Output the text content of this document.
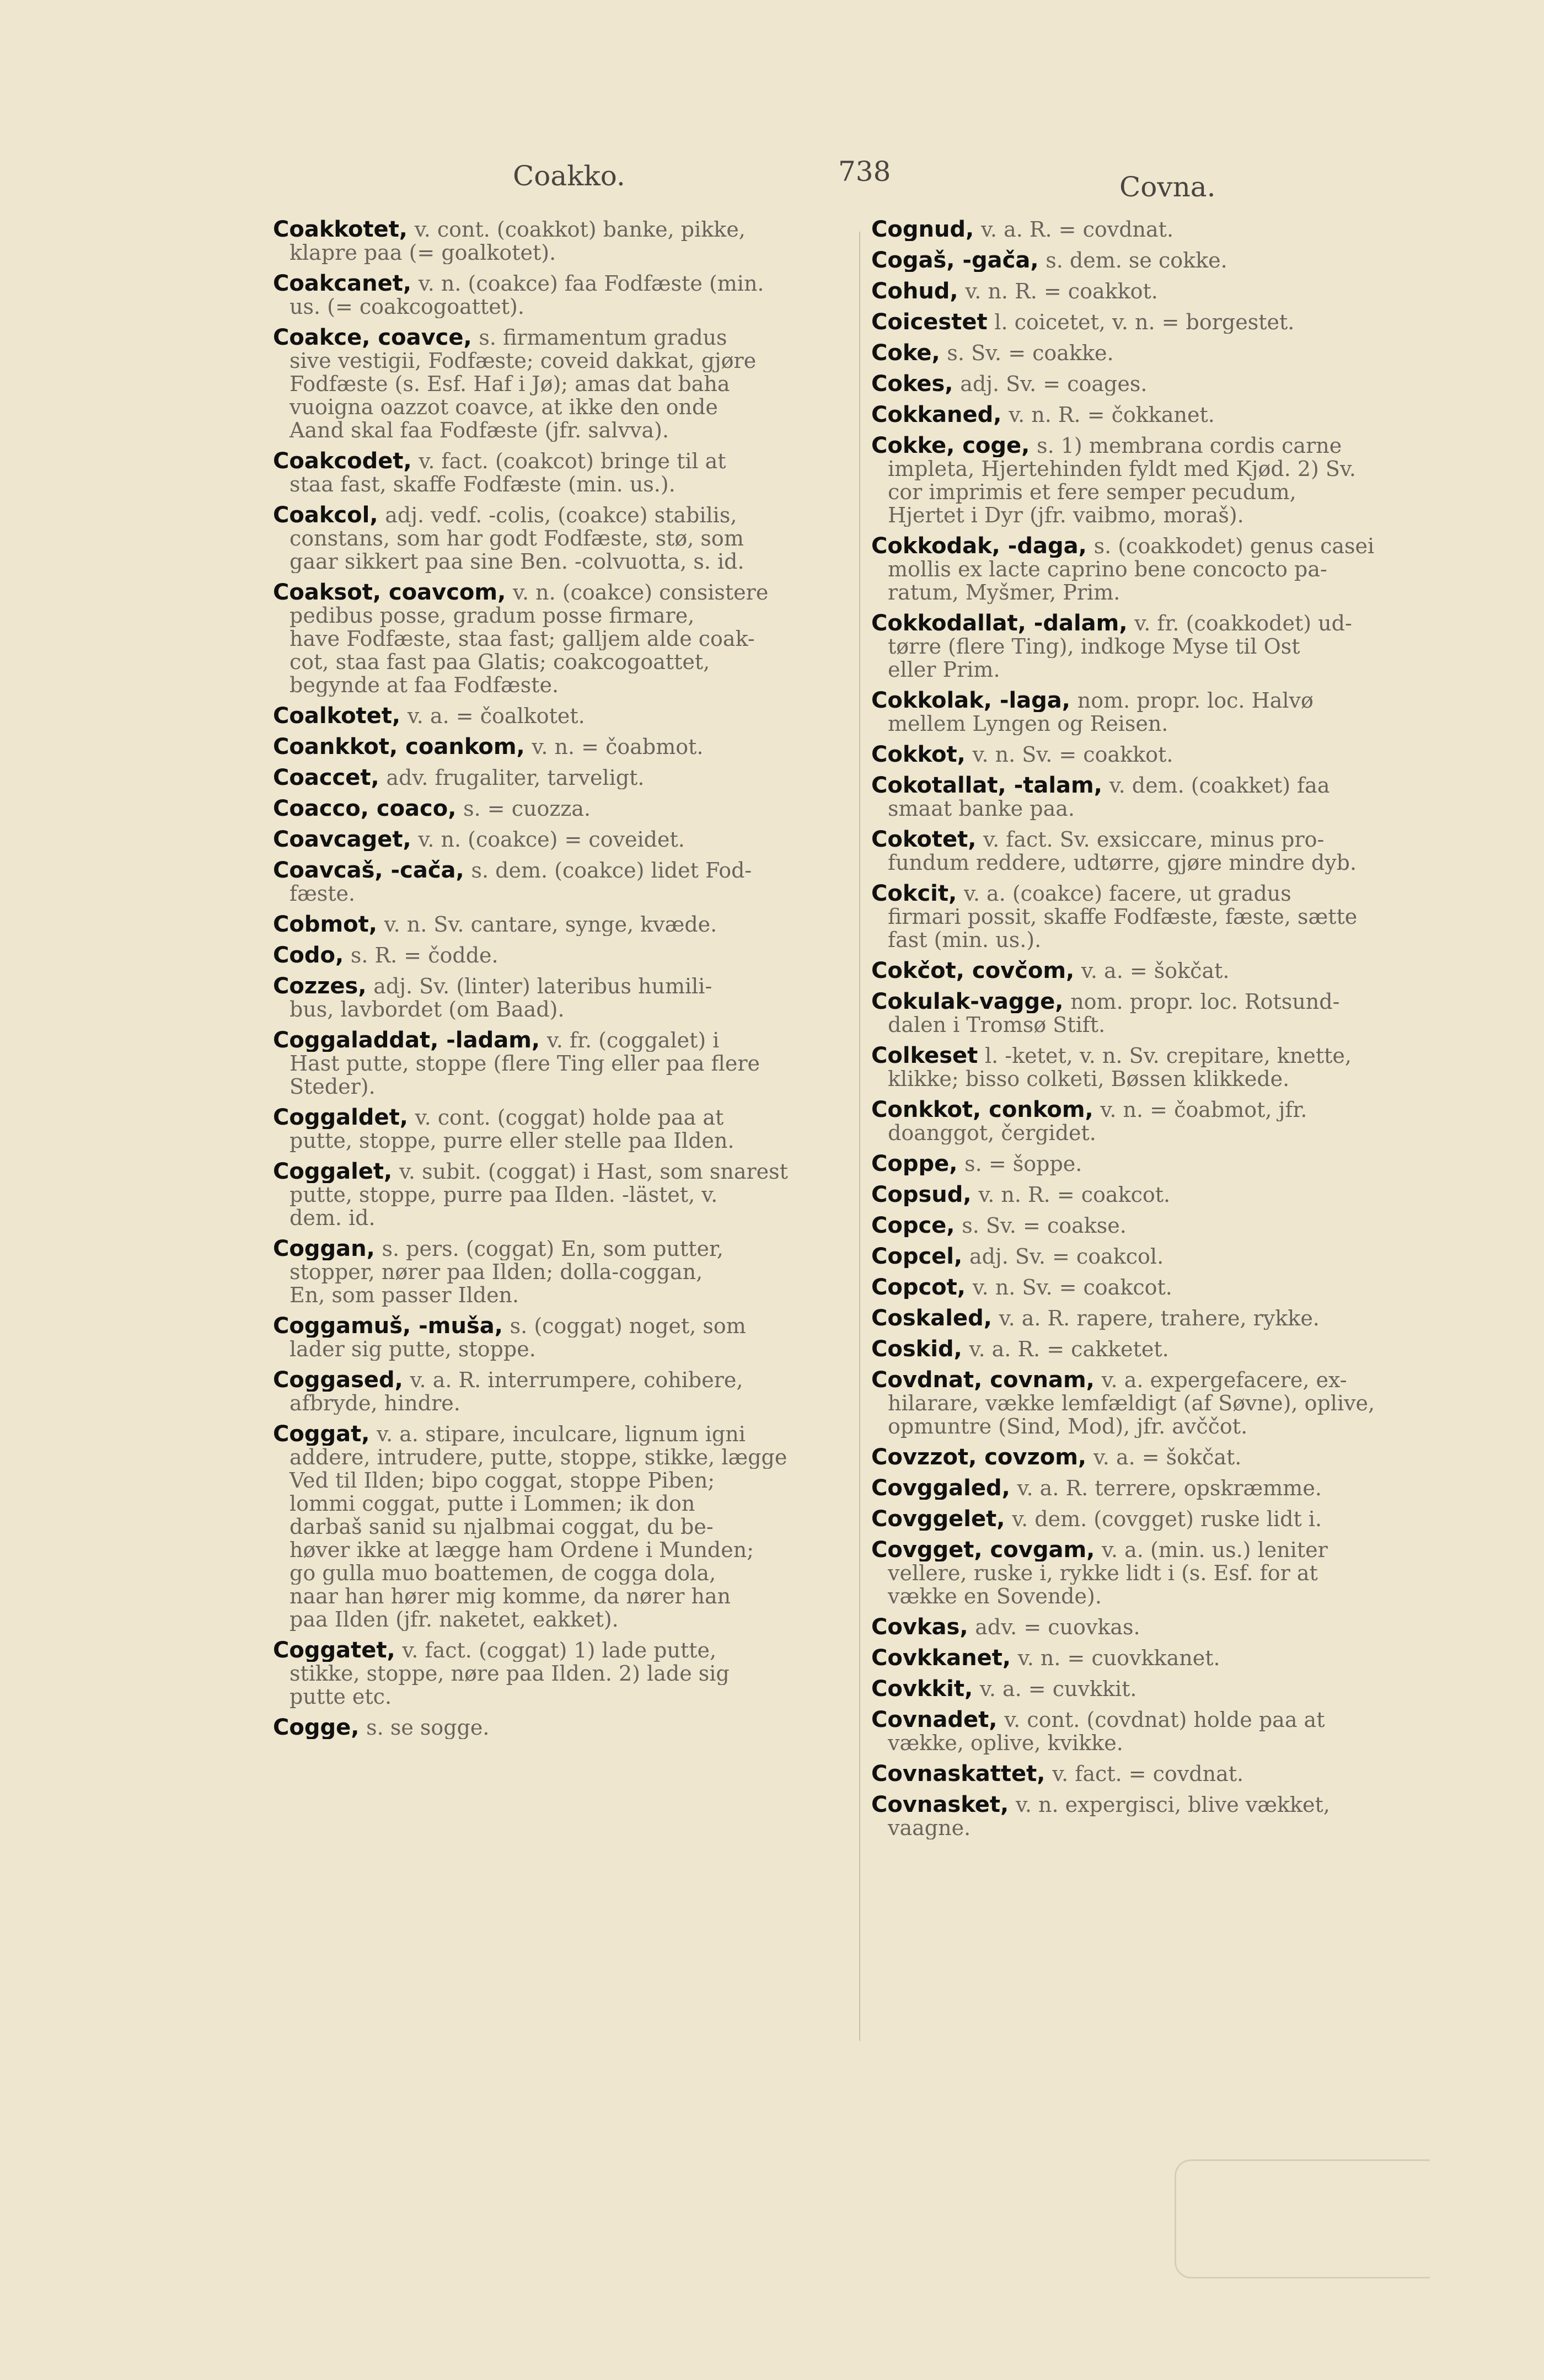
Coakko.	738	Covna.
Coakkotet, v. cont. (coakkot) banke, pikke,
klapre paa (= goalkotet).
Coakcanet, v. n. (coakce) faa Fodfæste (min.
us. (= coakcogoattet).
Coakce, coavce, s. firmamentum gradus
sive vestigii, Fodfæste; coveid dakkat, gjøre
Fodfæste (s. Esf. Haf i Jø); amas dat baha
vuoigna oazzot coavce, at ikke den onde
Aand skal faa Fodfæste (jfr. salvva).
Coakcodet, v. fact. (coakcot) bringe til at
staa fast, skaffe Fodfæste (min. us.).
Coakcol, adj. vedf. -colis, (coakce) stabilis,
constans, som har godt Fodfæste, stø, som
gaar sikkert paa sine Ben. -colvuotta, s. id.
Coaksot, coavcom, v. n. (coakce) consistere
pedibus posse, gradum posse firmare,
have Fodfæste, staa fast; galljem alde coak-
cot, staa fast paa Glatis; coakcogoattet,
begynde at faa Fodfæste.
Coalkotet, v. a. = čoalkotet.
Coankkot, coankom, v. n. = čoabmot.
Coaccet, adv. frugaliter, tarveligt.
Coacco, coaco, s. = cuozza.
Coavcaget, v. n. (coakce) = coveidet.
Coavcaš, -cača, s. dem. (coakce) lidet Fod-
fæste.
Cobmot, v. n. Sv. cantare, synge, kvæde.
Codo, s. R. = čodde.
Cozzes, adj. Sv. (linter) lateribus humili-
bus, lavbordet (om Baad).
Coggaladdat, -ladam, v. fr. (coggalet) i
Hast putte, stoppe (flere Ting eller paa flere
Steder).
Coggaldet, v. cont. (coggat) holde paa at
putte, stoppe, purre eller stelle paa Ilden.
Coggalet, v. subit. (coggat) i Hast, som snarest
putte, stoppe, purre paa Ilden. -lästet, v.
dem. id.
Coggan, s. pers. (coggat) En, som putter,
stopper, nører paa Ilden; dolla-coggan,
En, som passer Ilden.
Coggamuš, -muša, s. (coggat) noget, som
lader sig putte, stoppe.
Coggased, v. a. R. interrumpere, cohibere,
afbryde, hindre.
Coggat, v. a. stipare, inculcare, lignum igni
addere, intrudere, putte, stoppe, stikke, lægge
Ved til Ilden; bipo coggat, stoppe Piben;
lommi coggat, putte i Lommen; ik don
darbaš sanid su njalbmai coggat, du be-
høver ikke at lægge ham Ordene i Munden;
go gulla muo boattemen, de cogga dola,
naar han hører mig komme, da nører han
paa Ilden (jfr. naketet, eakket).
Coggatet, v. fact. (coggat) 1) lade putte,
stikke, stoppe, nøre paa Ilden. 2) lade sig
putte etc.
Cogge, s. se sogge.
Cognud, v. a. R. = covdnat.
Cogaš, -gača, s. dem. se cokke.
Cohud, v. n. R. = coakkot.
Coicestet l. coicetet, v. n. = borgestet.
Coke, s. Sv. = coakke.
Cokes, adj. Sv. = coages.
Cokkaned, v. n. R. = čokkanet.
Cokke, coge, s. 1) membrana cordis carne
impleta, Hjertehinden fyldt med Kjød. 2) Sv.
cor imprimis et fere semper pecudum,
Hjertet i Dyr (jfr. vaibmo, moraš).
Cokkodak, -daga, s. (coakkodet) genus casei
mollis ex lacte caprino bene concocto pa-
ratum, Myšmer, Prim.
Cokkodallat, -dalam, v. fr. (coakkodet) ud-
tørre (flere Ting), indkoge Myse til Ost
eller Prim.
Cokkolak, -laga, nom. propr. loc. Halvø
mellem Lyngen og Reisen.
Cokkot, v. n. Sv. = coakkot.
Cokotallat, -talam, v. dem. (coakket) faa
smaat banke paa.
Cokotet, v. fact. Sv. exsiccare, minus pro-
fundum reddere, udtørre, gjøre mindre dyb.
Cokcit, v. a. (coakce) facere, ut gradus
firmari possit, skaffe Fodfæste, fæste, sætte
fast (min. us.).
Cokčot, covčom, v. a. = šokčat.
Cokulak-vagge, nom. propr. loc. Rotsund-
dalen i Tromsø Stift.
Colkeset l. -ketet, v. n. Sv. crepitare, knette,
klikke; bisso colketi, Bøssen klikkede.
Conkkot, conkom, v. n. = čoabmot, jfr.
doanggot, čergidet.
Coppe, s. = šoppe.
Copsud, v. n. R. = coakcot.
Copce, s. Sv. = coakse.
Copcel, adj. Sv. = coakcol.
Copcot, v. n. Sv. = coakcot.
Coskaled, v. a. R. rapere, trahere, rykke.
Coskid, v. a. R. = cakketet.
Covdnat, covnam, v. a. expergefacere, ex-
hilarare, vække lemfældigt (af Søvne), oplive,
opmuntre (Sind, Mod), jfr. avččot.
Covzzot, covzom, v. a. = šokčat.
Covggaled, v. a. R. terrere, opskræmme.
Covggelet, v. dem. (covgget) ruske lidt i.
Covgget, covgam, v. a. (min. us.) leniter
vellere, ruske i, rykke lidt i (s. Esf. for at
vække en Sovende).
Covkas, adv. = cuovkas.
Covkkanet, v. n. = cuovkkanet.
Covkkit, v. a. = cuvkkit.
Covnadet, v. cont. (covdnat) holde paa at
vække, oplive, kvikke.
Covnaskattet, v. fact. = covdnat.
Covnasket, v. n. expergisci, blive vækket,
vaagne.
